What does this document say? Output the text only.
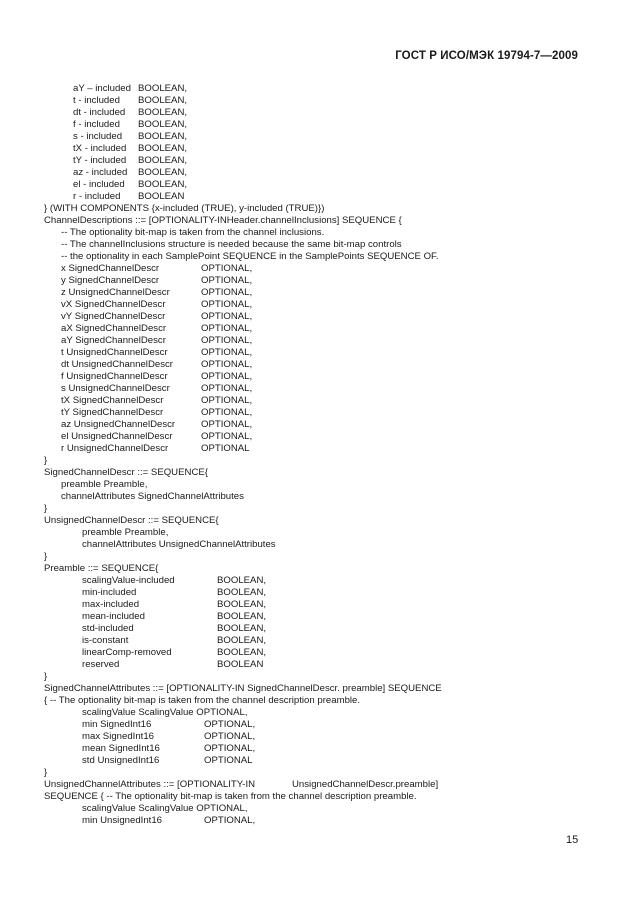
ГОСТ Р ИСО/МЭК 19794-7—2009
aY – included BOOLEAN,
t - included BOOLEAN,
dt - included BOOLEAN,
f - included BOOLEAN,
s - included BOOLEAN,
tX - included BOOLEAN,
tY - included BOOLEAN,
az - included BOOLEAN,
el - included BOOLEAN,
r - included BOOLEAN
} (WITH COMPONENTS {x-included (TRUE), y-included (TRUE)})
ChannelDescriptions ::= [OPTIONALITY-INHeader.channelInclusions] SEQUENCE {
-- The optionality bit-map is taken from the channel inclusions.
-- The channelInclusions structure is needed because the same bit-map controls
-- the optionality in each SamplePoint SEQUENCE in the SamplePoints SEQUENCE OF.
x SignedChannelDescr	OPTIONAL,
y SignedChannelDescr	OPTIONAL,
z UnsignedChannelDescr	OPTIONAL,
vX SignedChannelDescr	OPTIONAL,
vY SignedChannelDescr	OPTIONAL,
aX SignedChannelDescr	OPTIONAL,
aY SignedChannelDescr	OPTIONAL,
t UnsignedChannelDescr	OPTIONAL,
dt UnsignedChannelDescr	OPTIONAL,
f UnsignedChannelDescr	OPTIONAL,
s UnsignedChannelDescr	OPTIONAL,
tX SignedChannelDescr	OPTIONAL,
tY SignedChannelDescr	OPTIONAL,
az UnsignedChannelDescr	OPTIONAL,
el UnsignedChannelDescr	OPTIONAL,
r UnsignedChannelDescr	OPTIONAL
}
SignedChannelDescr ::= SEQUENCE{
preamble Preamble,
channelAttributes SignedChannelAttributes
}
UnsignedChannelDescr ::= SEQUENCE{
preamble Preamble,
channelAttributes UnsignedChannelAttributes
}
Preamble ::= SEQUENCE{
scalingValue-included	BOOLEAN,
min-included	BOOLEAN,
max-included	BOOLEAN,
mean-included	BOOLEAN,
std-included	BOOLEAN,
is-constant	BOOLEAN,
linearComp-removed	BOOLEAN,
reserved	BOOLEAN
}
SignedChannelAttributes ::= [OPTIONALITY-IN SignedChannelDescr. preamble] SEQUENCE
{ -- The optionality bit-map is taken from the channel description preamble.
scalingValue ScalingValue OPTIONAL,
min SignedInt16	OPTIONAL,
max SignedInt16	OPTIONAL,
mean SignedInt16	OPTIONAL,
std UnsignedInt16	OPTIONAL
}
UnsignedChannelAttributes ::= [OPTIONALITY-IN	UnsignedChannelDescr.preamble]
SEQUENCE { -- The optionality bit-map is taken from the channel description preamble.
scalingValue ScalingValue OPTIONAL,
min UnsignedInt16	OPTIONAL,
15
